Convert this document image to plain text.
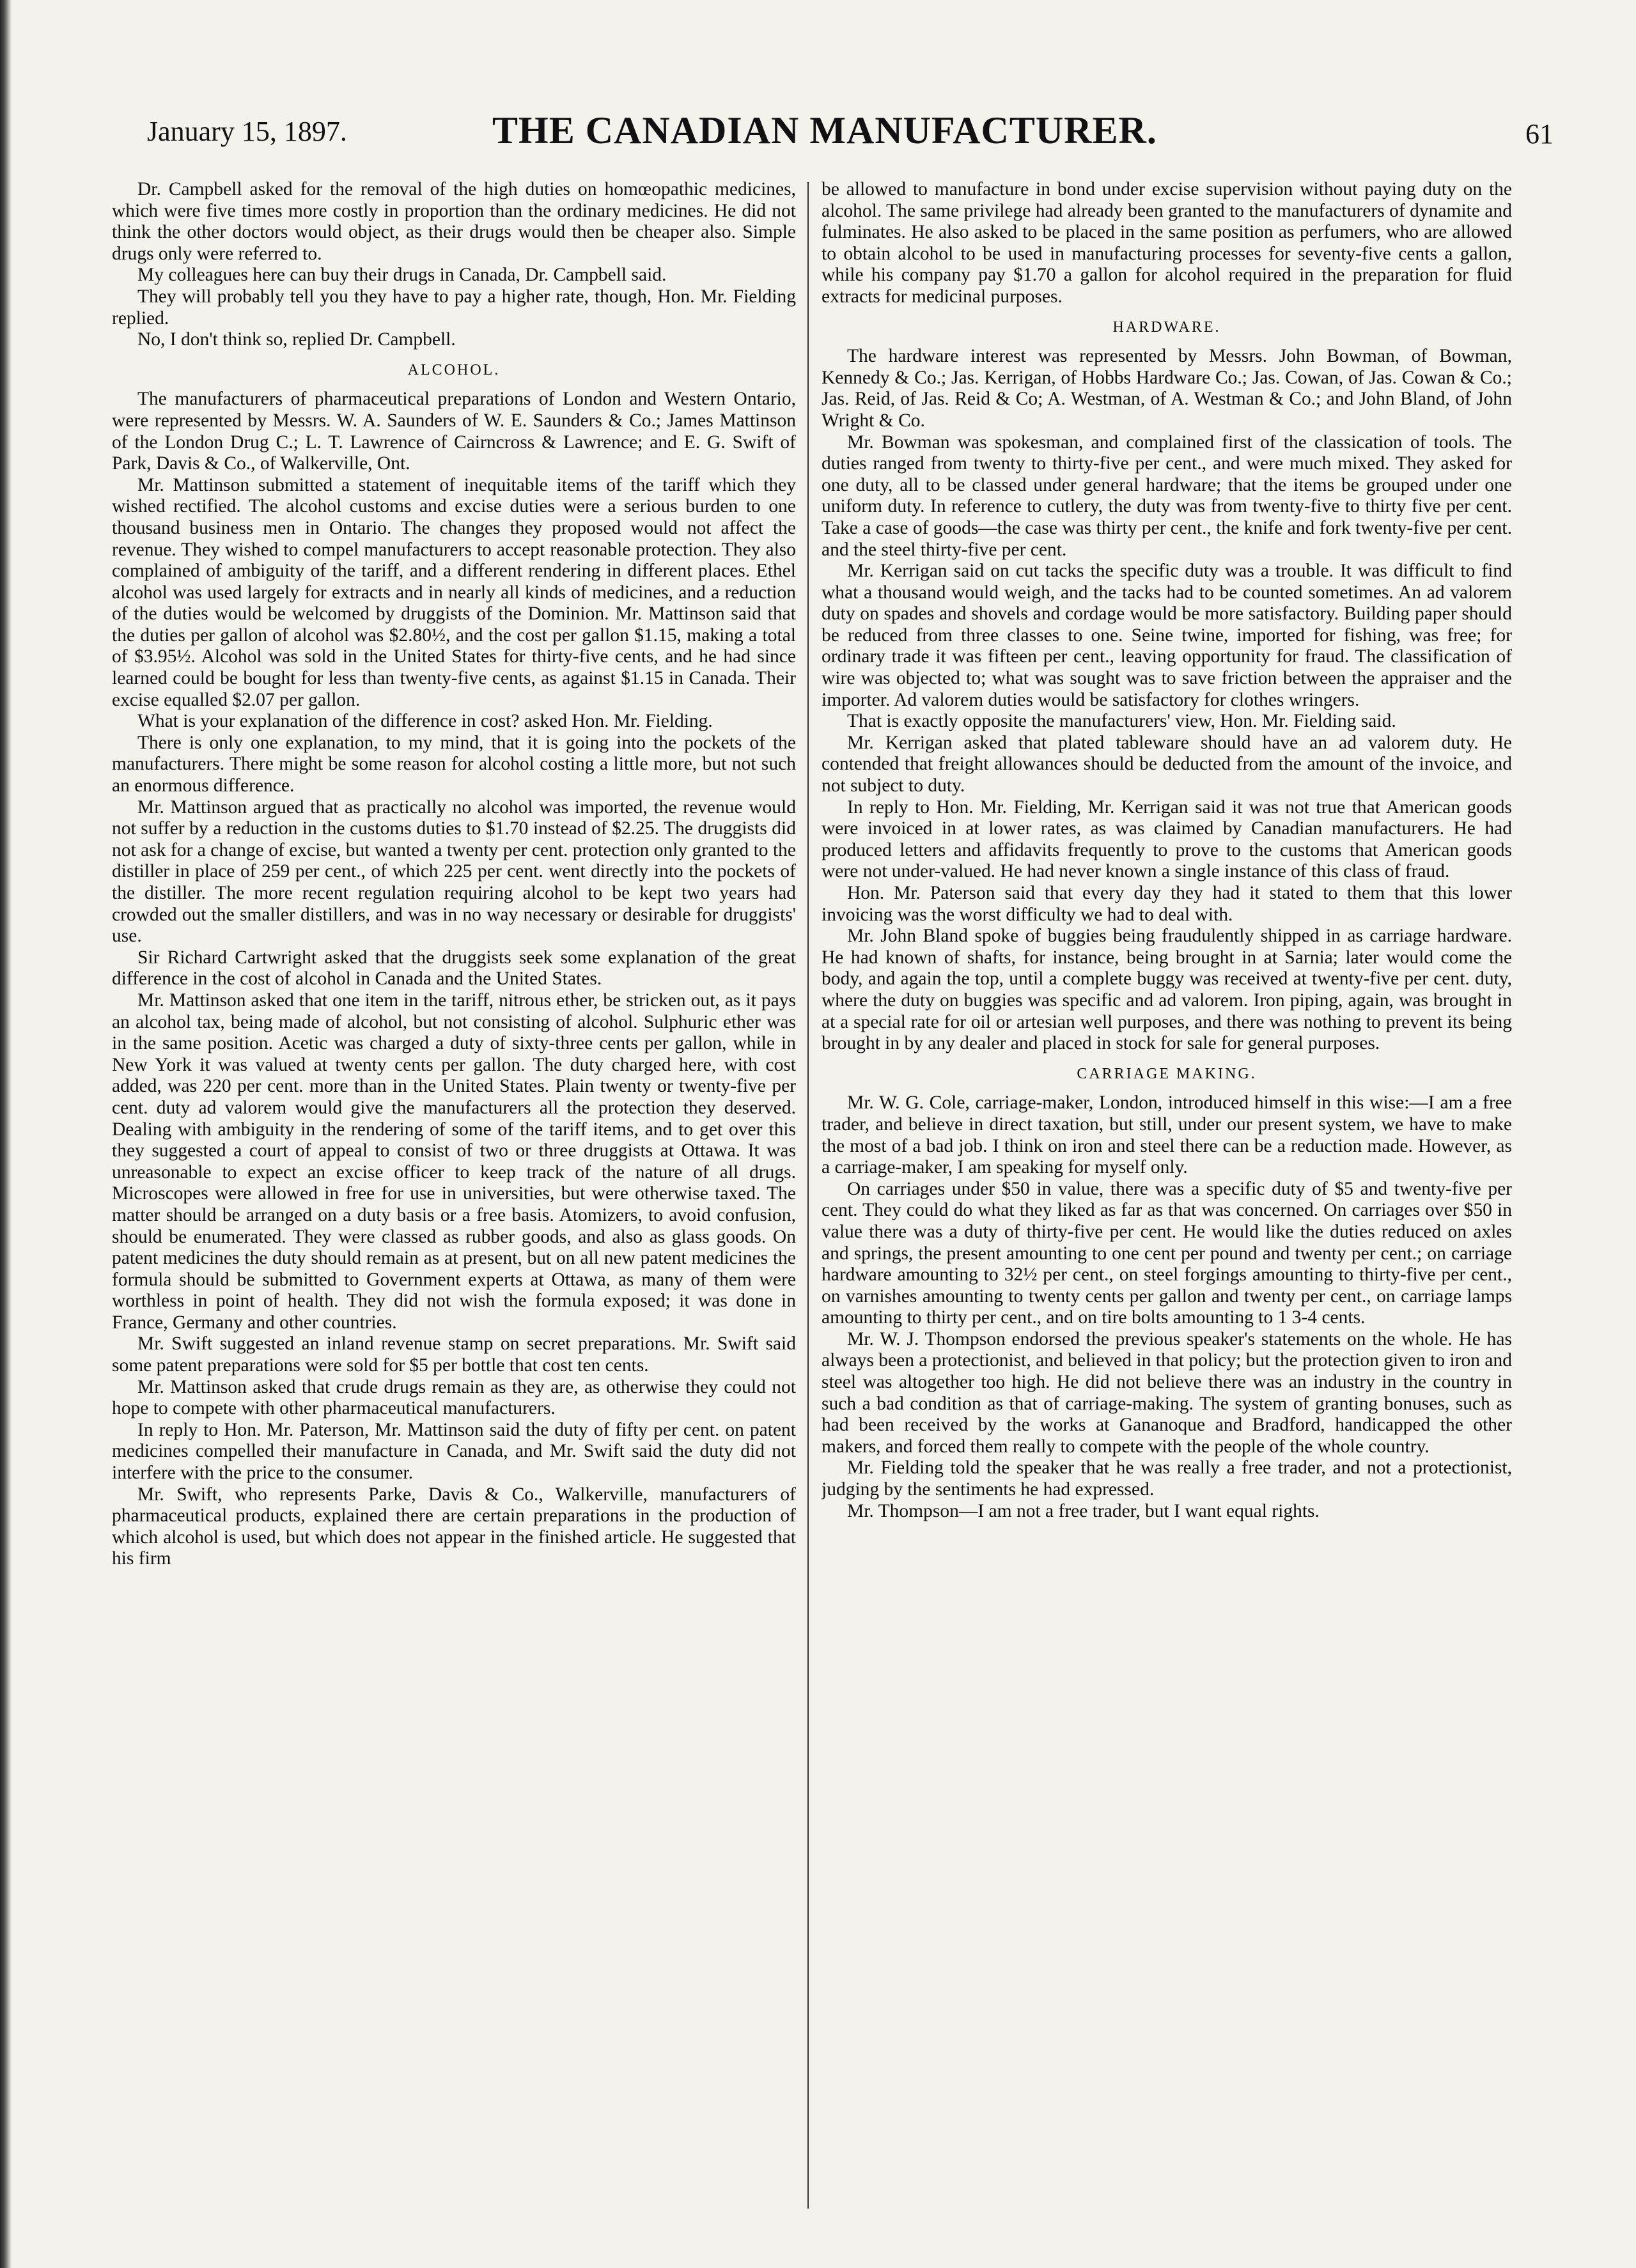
January 15, 1897.	THE CANADIAN MANUFACTURER.	61

Dr. Campbell asked for the removal of the high duties on homœopathic medicines, which were five times more costly in proportion than the ordinary medicines. He did not think the other doctors would object, as their drugs would then be cheaper also. Simple drugs only were referred to.

My colleagues here can buy their drugs in Canada, Dr. Campbell said.

They will probably tell you they have to pay a higher rate, though, Hon. Mr. Fielding replied.

No, I don't think so, replied Dr. Campbell.

ALCOHOL.

The manufacturers of pharmaceutical preparations of London and Western Ontario, were represented by Messrs. W. A. Saunders of W. E. Saunders & Co.; James Mattinson of the London Drug C.; L. T. Lawrence of Cairncross & Lawrence; and E. G. Swift of Park, Davis & Co., of Walkerville, Ont.

Mr. Mattinson submitted a statement of inequitable items of the tariff which they wished rectified. The alcohol customs and excise duties were a serious burden to one thousand business men in Ontario. The changes they proposed would not affect the revenue. They wished to compel manufacturers to accept reasonable protection. They also complained of ambiguity of the tariff, and a different rendering in different places. Ethel alcohol was used largely for extracts and in nearly all kinds of medicines, and a reduction of the duties would be welcomed by druggists of the Dominion. Mr. Mattinson said that the duties per gallon of alcohol was $2.80½, and the cost per gallon $1.15, making a total of $3.95½. Alcohol was sold in the United States for thirty-five cents, and he had since learned could be bought for less than twenty-five cents, as against $1.15 in Canada. Their excise equalled $2.07 per gallon.

What is your explanation of the difference in cost? asked Hon. Mr. Fielding.

There is only one explanation, to my mind, that it is going into the pockets of the manufacturers. There might be some reason for alcohol costing a little more, but not such an enormous difference.

Mr. Mattinson argued that as practically no alcohol was imported, the revenue would not suffer by a reduction in the customs duties to $1.70 instead of $2.25. The druggists did not ask for a change of excise, but wanted a twenty per cent. protection only granted to the distiller in place of 259 per cent., of which 225 per cent. went directly into the pockets of the distiller. The more recent regulation requiring alcohol to be kept two years had crowded out the smaller distillers, and was in no way necessary or desirable for druggists' use.

Sir Richard Cartwright asked that the druggists seek some explanation of the great difference in the cost of alcohol in Canada and the United States.

Mr. Mattinson asked that one item in the tariff, nitrous ether, be stricken out, as it pays an alcohol tax, being made of alcohol, but not consisting of alcohol. Sulphuric ether was in the same position. Acetic was charged a duty of sixty-three cents per gallon, while in New York it was valued at twenty cents per gallon. The duty charged here, with cost added, was 220 per cent. more than in the United States. Plain twenty or twenty-five per cent. duty ad valorem would give the manufacturers all the protection they deserved. Dealing with ambiguity in the rendering of some of the tariff items, and to get over this they suggested a court of appeal to consist of two or three druggists at Ottawa. It was unreasonable to expect an excise officer to keep track of the nature of all drugs. Microscopes were allowed in free for use in universities, but were otherwise taxed. The matter should be arranged on a duty basis or a free basis. Atomizers, to avoid confusion, should be enumerated. They were classed as rubber goods, and also as glass goods. On patent medicines the duty should remain as at present, but on all new patent medicines the formula should be submitted to Government experts at Ottawa, as many of them were worthless in point of health. They did not wish the formula exposed; it was done in France, Germany and other countries.

Mr. Swift suggested an inland revenue stamp on secret preparations. Mr. Swift said some patent preparations were sold for $5 per bottle that cost ten cents.

Mr. Mattinson asked that crude drugs remain as they are, as otherwise they could not hope to compete with other pharmaceutical manufacturers.

In reply to Hon. Mr. Paterson, Mr. Mattinson said the duty of fifty per cent. on patent medicines compelled their manufacture in Canada, and Mr. Swift said the duty did not interfere with the price to the consumer.

Mr. Swift, who represents Parke, Davis & Co., Walkerville, manufacturers of pharmaceutical products, explained there are certain preparations in the production of which alcohol is used, but which does not appear in the finished article. He suggested that his firm

be allowed to manufacture in bond under excise supervision without paying duty on the alcohol. The same privilege had already been granted to the manufacturers of dynamite and fulminates. He also asked to be placed in the same position as perfumers, who are allowed to obtain alcohol to be used in manufacturing processes for seventy-five cents a gallon, while his company pay $1.70 a gallon for alcohol required in the preparation for fluid extracts for medicinal purposes.

HARDWARE.

The hardware interest was represented by Messrs. John Bowman, of Bowman, Kennedy & Co.; Jas. Kerrigan, of Hobbs Hardware Co.; Jas. Cowan, of Jas. Cowan & Co.; Jas. Reid, of Jas. Reid & Co; A. Westman, of A. Westman & Co.; and John Bland, of John Wright & Co.

Mr. Bowman was spokesman, and complained first of the classication of tools. The duties ranged from twenty to thirty-five per cent., and were much mixed. They asked for one duty, all to be classed under general hardware; that the items be grouped under one uniform duty. In reference to cutlery, the duty was from twenty-five to thirty five per cent. Take a case of goods—the case was thirty per cent., the knife and fork twenty-five per cent. and the steel thirty-five per cent.

Mr. Kerrigan said on cut tacks the specific duty was a trouble. It was difficult to find what a thousand would weigh, and the tacks had to be counted sometimes. An ad valorem duty on spades and shovels and cordage would be more satisfactory. Building paper should be reduced from three classes to one. Seine twine, imported for fishing, was free; for ordinary trade it was fifteen per cent., leaving opportunity for fraud. The classification of wire was objected to; what was sought was to save friction between the appraiser and the importer. Ad valorem duties would be satisfactory for clothes wringers.

That is exactly opposite the manufacturers' view, Hon. Mr. Fielding said.

Mr. Kerrigan asked that plated tableware should have an ad valorem duty. He contended that freight allowances should be deducted from the amount of the invoice, and not subject to duty.

In reply to Hon. Mr. Fielding, Mr. Kerrigan said it was not true that American goods were invoiced in at lower rates, as was claimed by Canadian manufacturers. He had produced letters and affidavits frequently to prove to the customs that American goods were not under-valued. He had never known a single instance of this class of fraud.

Hon. Mr. Paterson said that every day they had it stated to them that this lower invoicing was the worst difficulty we had to deal with.

Mr. John Bland spoke of buggies being fraudulently shipped in as carriage hardware. He had known of shafts, for instance, being brought in at Sarnia; later would come the body, and again the top, until a complete buggy was received at twenty-five per cent. duty, where the duty on buggies was specific and ad valorem. Iron piping, again, was brought in at a special rate for oil or artesian well purposes, and there was nothing to prevent its being brought in by any dealer and placed in stock for sale for general purposes.

CARRIAGE MAKING.

Mr. W. G. Cole, carriage-maker, London, introduced himself in this wise:—I am a free trader, and believe in direct taxation, but still, under our present system, we have to make the most of a bad job. I think on iron and steel there can be a reduction made. However, as a carriage-maker, I am speaking for myself only.

On carriages under $50 in value, there was a specific duty of $5 and twenty-five per cent. They could do what they liked as far as that was concerned. On carriages over $50 in value there was a duty of thirty-five per cent. He would like the duties reduced on axles and springs, the present amounting to one cent per pound and twenty per cent.; on carriage hardware amounting to 32½ per cent., on steel forgings amounting to thirty-five per cent., on varnishes amounting to twenty cents per gallon and twenty per cent., on carriage lamps amounting to thirty per cent., and on tire bolts amounting to 1 3-4 cents.

Mr. W. J. Thompson endorsed the previous speaker's statements on the whole. He has always been a protectionist, and believed in that policy; but the protection given to iron and steel was altogether too high. He did not believe there was an industry in the country in such a bad condition as that of carriage-making. The system of granting bonuses, such as had been received by the works at Gananoque and Bradford, handicapped the other makers, and forced them really to compete with the people of the whole country.

Mr. Fielding told the speaker that he was really a free trader, and not a protectionist, judging by the sentiments he had expressed.

Mr. Thompson—I am not a free trader, but I want equal rights.
